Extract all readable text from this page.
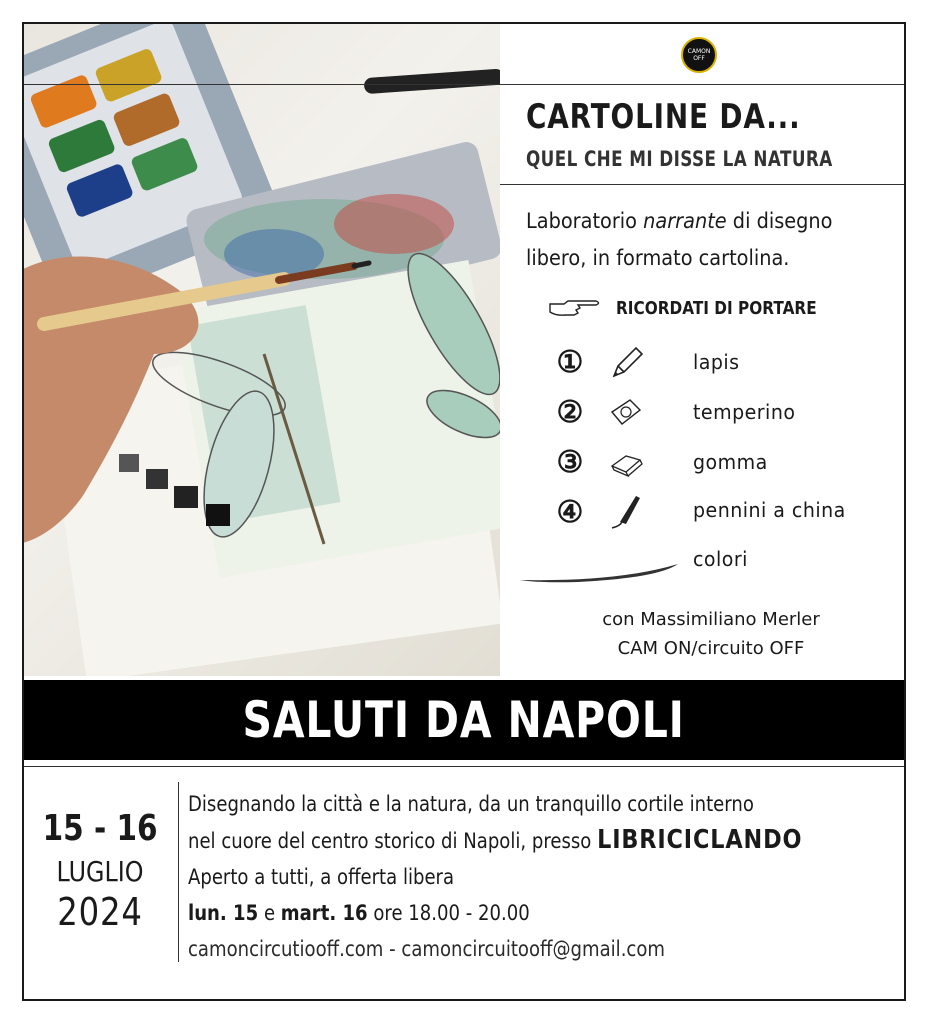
CAMON
OFF
CARTOLINE DA...
QUEL CHE MI DISSE LA NATURA
Laboratorio narrante di disegno libero, in formato cartolina.
RICORDATI DI PORTARE
①	lapis
②	temperino
③	gomma
④	pennini a china
colori
con Massimiliano Merler
CAM ON/circuito OFF
SALUTI DA NAPOLI
15 - 16
LUGLIO
2024
Disegnando la città e la natura, da un tranquillo cortile interno
nel cuore del centro storico di Napoli, presso LIBRICICLANDO
Aperto a tutti, a offerta libera
lun. 15 e mart. 16 ore 18.00 - 20.00
camoncircutiooff.com - camoncircuitooff@gmail.com
